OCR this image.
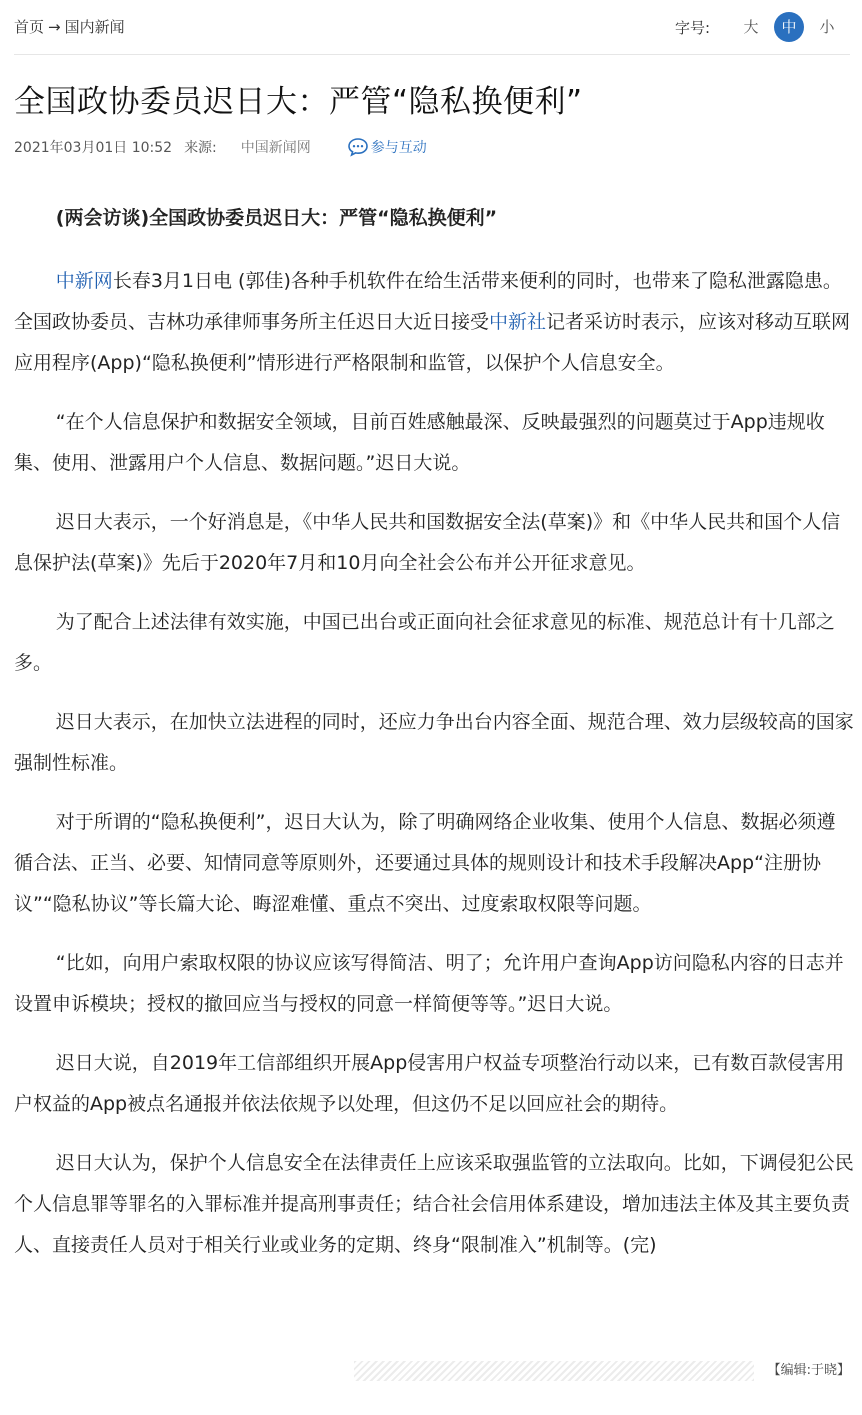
首页 → 国内新闻	字号:	大	中	小
全国政协委员迟日大：严管“隐私换便利”
2021年03月01日 10:52 来源: 中国新闻网	参与互动

(两会访谈)全国政协委员迟日大：严管“隐私换便利”

中新网长春3月1日电 (郭佳)各种手机软件在给生活带来便利的同时，也带来了隐私泄露隐患。全国政协委员、吉林功承律师事务所主任迟日大近日接受中新社记者采访时表示，应该对移动互联网应用程序(App)“隐私换便利”情形进行严格限制和监管，以保护个人信息安全。

“在个人信息保护和数据安全领域，目前百姓感触最深、反映最强烈的问题莫过于App违规收集、使用、泄露用户个人信息、数据问题。”迟日大说。

迟日大表示，一个好消息是，《中华人民共和国数据安全法(草案)》和《中华人民共和国个人信息保护法(草案)》先后于2020年7月和10月向全社会公布并公开征求意见。

为了配合上述法律有效实施，中国已出台或正面向社会征求意见的标准、规范总计有十几部之多。

迟日大表示，在加快立法进程的同时，还应力争出台内容全面、规范合理、效力层级较高的国家强制性标准。

对于所谓的“隐私换便利”，迟日大认为，除了明确网络企业收集、使用个人信息、数据必须遵循合法、正当、必要、知情同意等原则外，还要通过具体的规则设计和技术手段解决App“注册协议”“隐私协议”等长篇大论、晦涩难懂、重点不突出、过度索取权限等问题。

“比如，向用户索取权限的协议应该写得简洁、明了；允许用户查询App访问隐私内容的日志并设置申诉模块；授权的撤回应当与授权的同意一样简便等等。”迟日大说。

迟日大说，自2019年工信部组织开展App侵害用户权益专项整治行动以来，已有数百款侵害用户权益的App被点名通报并依法依规予以处理，但这仍不足以回应社会的期待。

迟日大认为，保护个人信息安全在法律责任上应该采取强监管的立法取向。比如，下调侵犯公民个人信息罪等罪名的入罪标准并提高刑事责任；结合社会信用体系建设，增加违法主体及其主要负责人、直接责任人员对于相关行业或业务的定期、终身“限制准入”机制等。(完)

【编辑:于晓】
